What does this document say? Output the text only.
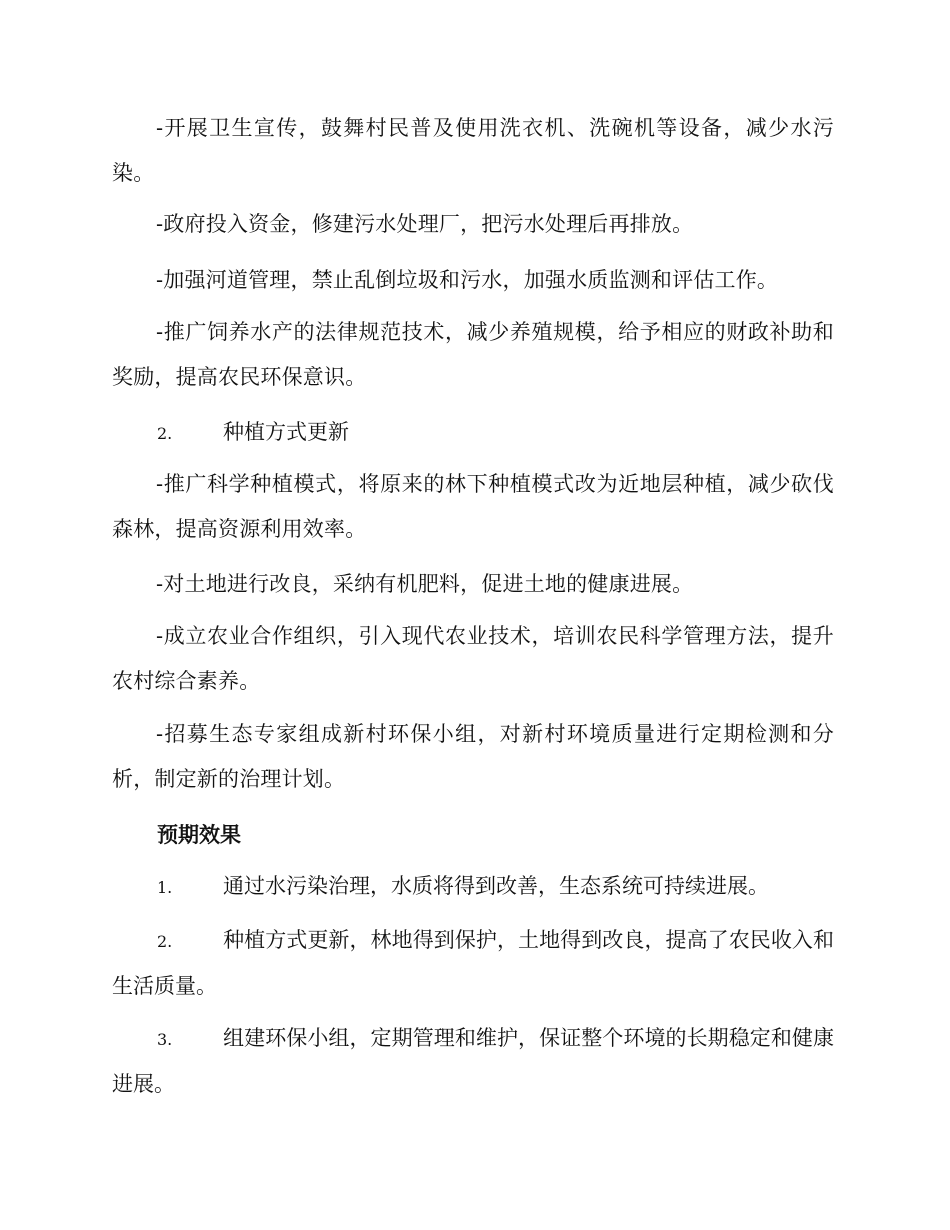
-开展卫生宣传，鼓舞村民普及使用洗衣机、洗碗机等设备，减少水污染。

-政府投入资金，修建污水处理厂，把污水处理后再排放。

-加强河道管理，禁止乱倒垃圾和污水，加强水质监测和评估工作。

-推广饲养水产的法律规范技术，减少养殖规模，给予相应的财政补助和奖励，提高农民环保意识。

2. 种植方式更新

-推广科学种植模式，将原来的林下种植模式改为近地层种植，减少砍伐森林，提高资源利用效率。

-对土地进行改良，采纳有机肥料，促进土地的健康进展。

-成立农业合作组织，引入现代农业技术，培训农民科学管理方法，提升农村综合素养。

-招募生态专家组成新村环保小组，对新村环境质量进行定期检测和分析，制定新的治理计划。

预期效果

1. 通过水污染治理，水质将得到改善，生态系统可持续进展。

2. 种植方式更新，林地得到保护，土地得到改良，提高了农民收入和生活质量。

3. 组建环保小组，定期管理和维护，保证整个环境的长期稳定和健康进展。
